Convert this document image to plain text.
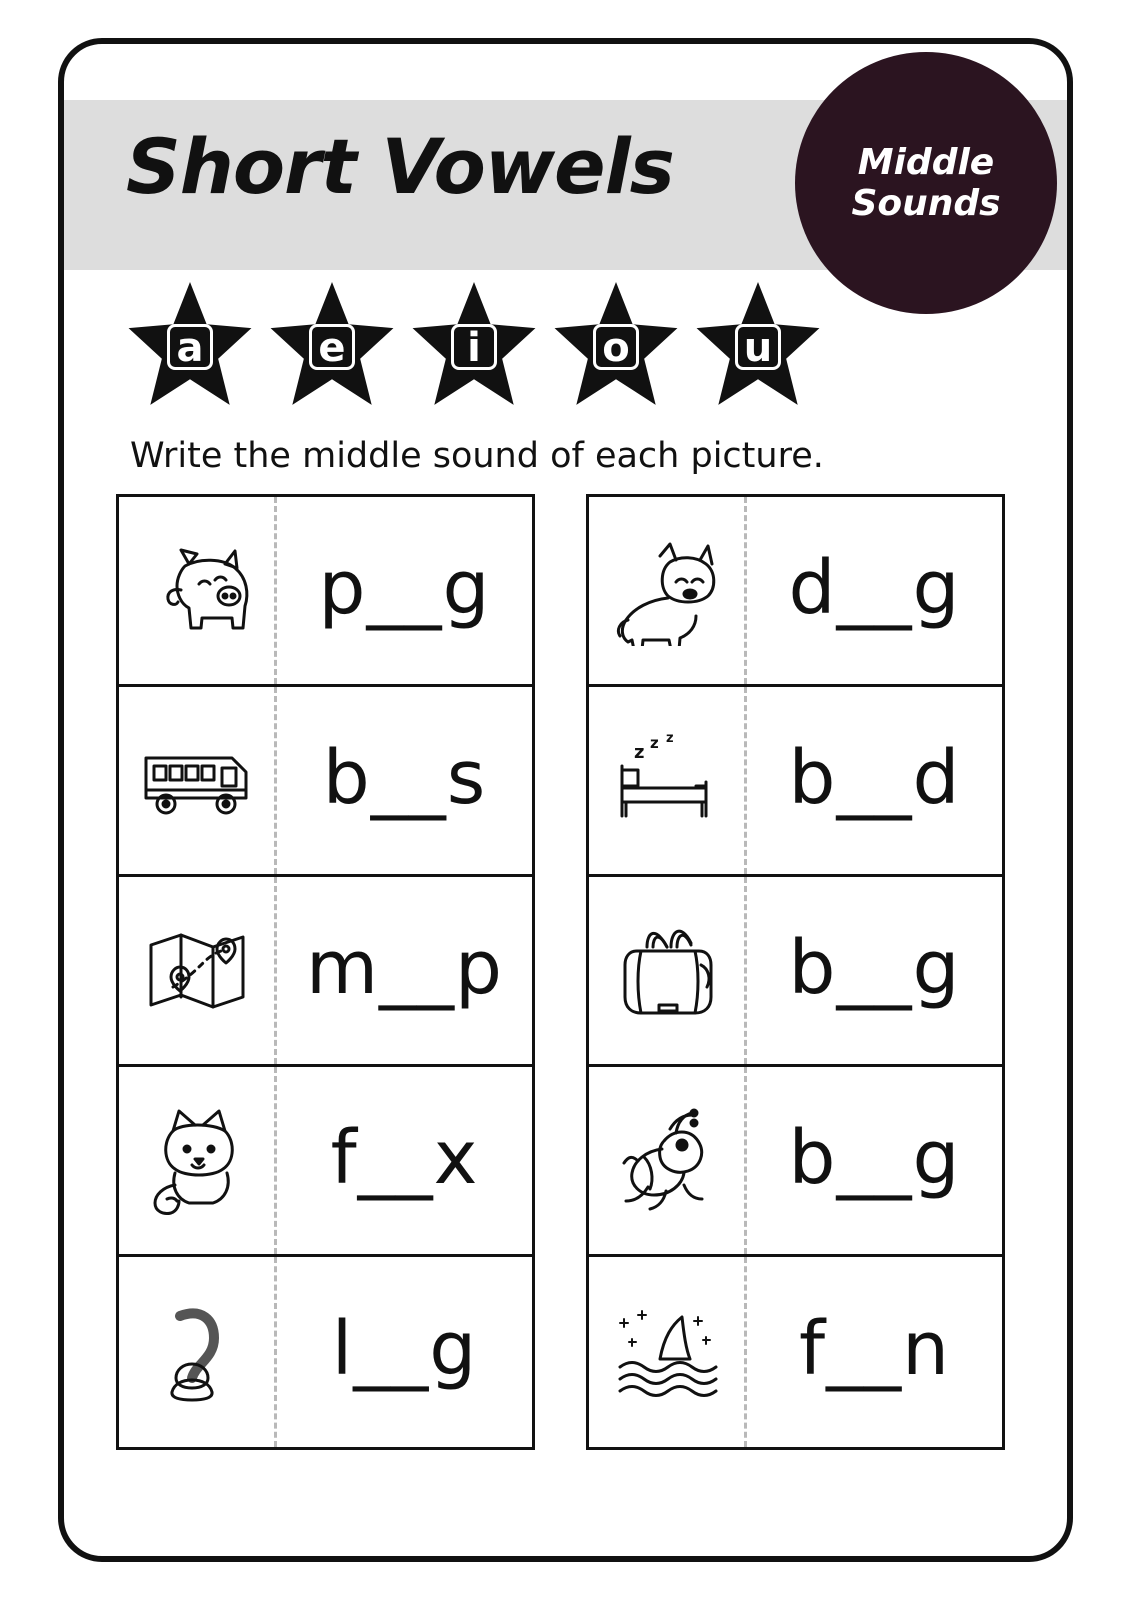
Short Vowels	Middle
Sounds
a	e	i	o	u
Write the middle sound of each picture.
p__g
b__s
m__p
f__x
l__g
d__g
z z z	b__d
b__g
b__g
f__n
